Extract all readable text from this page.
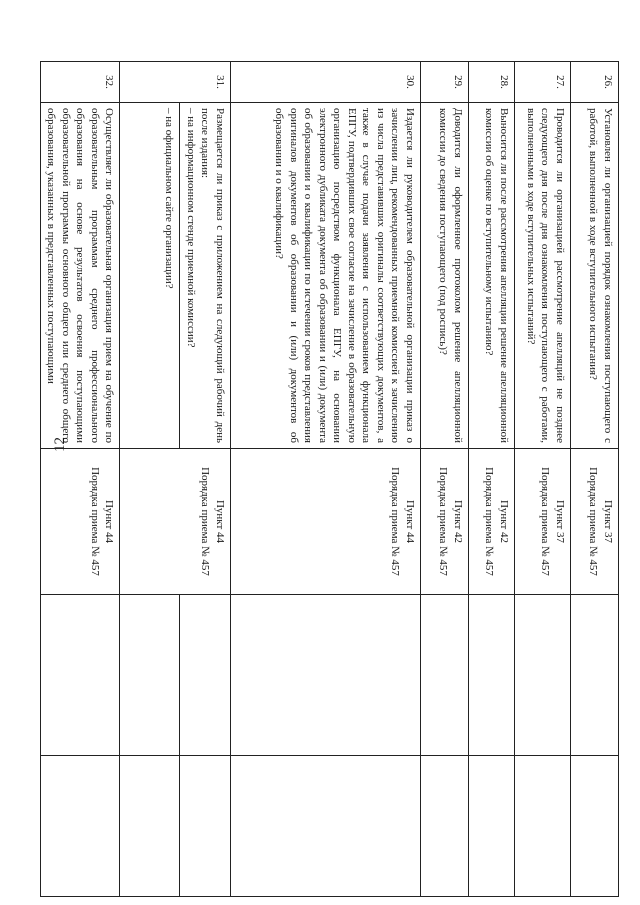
12
26.	Установлен ли организацией порядок ознакомления поступающего с работой, выполненной в ходе вступительного испытания?	Пункт 37
Порядка приема № 457		

27.	Проводится ли организацией рассмотрение апелляций не позднее следующего дня после дня ознакомления поступающего с работами, выполненными в ходе вступительных испытаний?	Пункт 37
Порядка приема № 457		

28.	Выносится ли после рассмотрения апелляции решение апелляционной комиссии об оценке по вступительному испытанию?	Пункт 42
Порядка приема № 457		

29.	Доводится ли оформленное протоколом решение апелляционной комиссии до сведения поступающего (под роспись)?	Пункт 42
Порядка приема № 457		

30.	Издается ли руководителем образовательной организации приказ о зачислении лиц, рекомендованных приемной комиссией к зачислению из числа представивших оригиналы соответствующих документов, а также в случае подачи заявления с использованием функционала ЕПГУ, подтвердивших свое согласие на зачисление в образовательную организацию посредством функционала ЕПГУ, на основании электронного дубликата документа об образовании и (или) документа об образовании и о квалификации по истечении сроков представления оригиналов документов об образовании и (или) документов об образовании и о квалификации?	Пункт 44
Порядка приема № 457		

31.	Размещается ли приказ с приложением на следующий рабочий день после издания:
– на информационном стенде приемной комиссии?	Пункт 44
Порядка приема № 457		

	– на официальном сайте организации?			
32.	Осуществляет ли образовательная организация прием на обучение по образовательным программам среднего профессионального образования на основе результатов освоения поступающими образовательной программы основного общего или среднего общего образования, указанных в представленных поступающими	Пункт 44
Порядка приема № 457		
